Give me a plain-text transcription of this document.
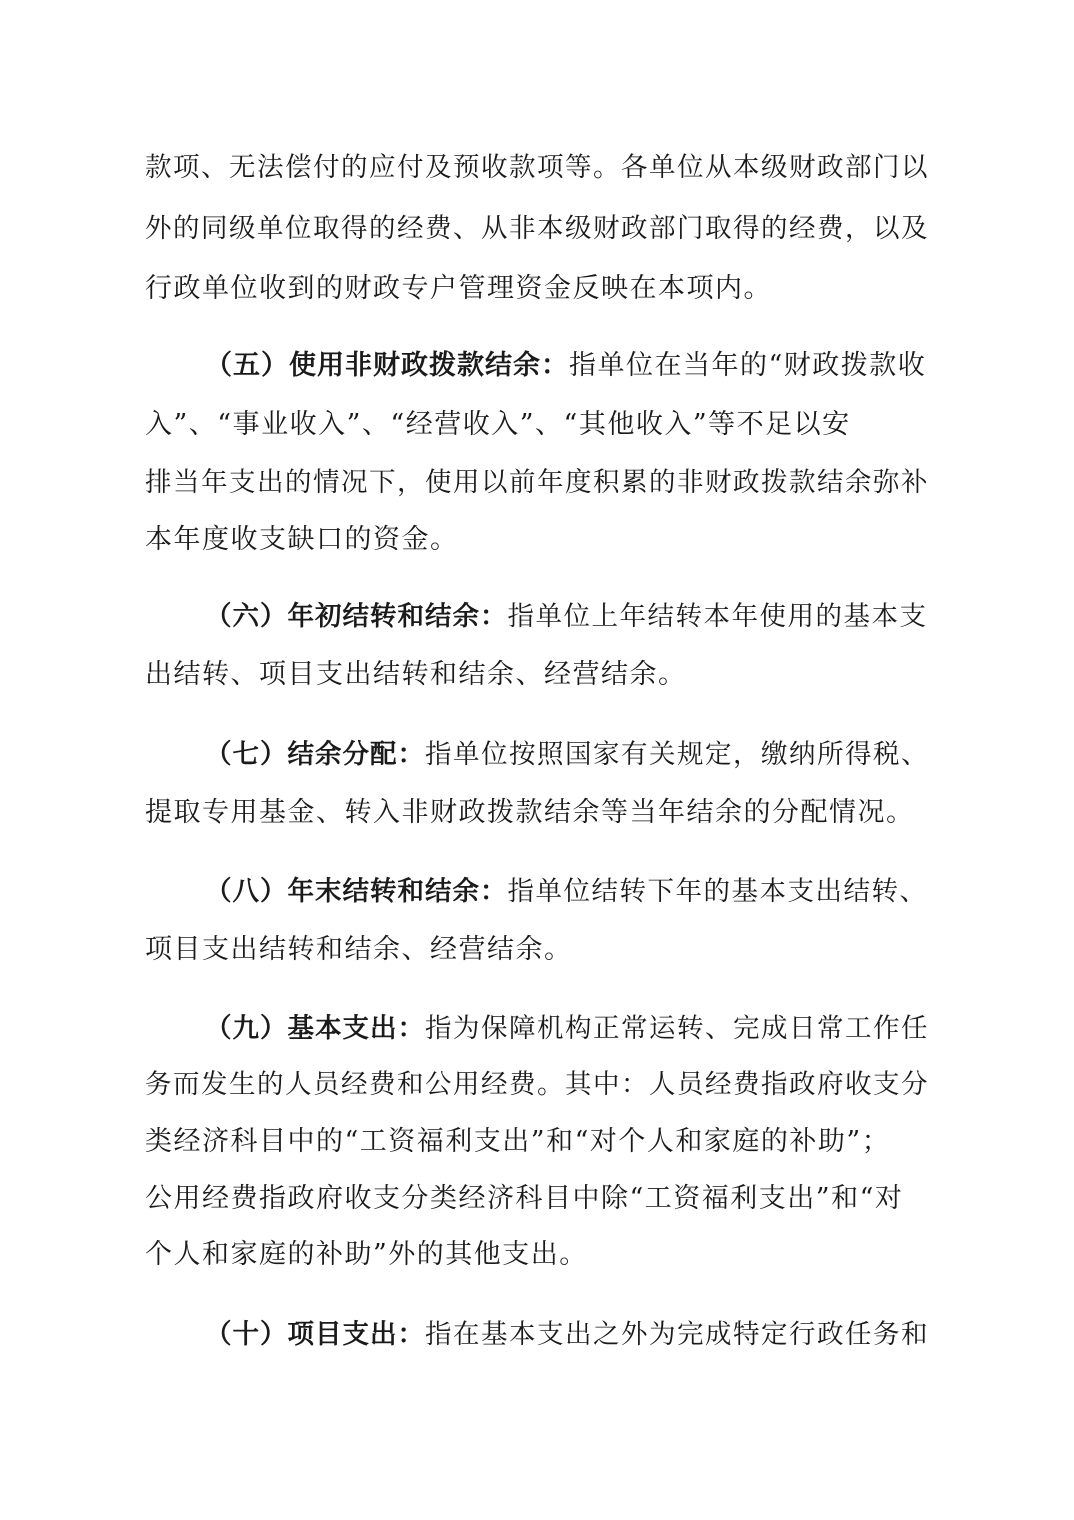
款项、无法偿付的应付及预收款项等。各单位从本级财政部门以
外的同级单位取得的经费、从非本级财政部门取得的经费，以及
行政单位收到的财政专户管理资金反映在本项内。
（五）使用非财政拨款结余：指单位在当年的“财政拨款收
入”、“事业收入”、“经营收入”、“其他收入”等不足以安
排当年支出的情况下，使用以前年度积累的非财政拨款结余弥补
本年度收支缺口的资金。
（六）年初结转和结余：指单位上年结转本年使用的基本支
出结转、项目支出结转和结余、经营结余。
（七）结余分配：指单位按照国家有关规定，缴纳所得税、
提取专用基金、转入非财政拨款结余等当年结余的分配情况。
（八）年末结转和结余：指单位结转下年的基本支出结转、
项目支出结转和结余、经营结余。
（九）基本支出：指为保障机构正常运转、完成日常工作任
务而发生的人员经费和公用经费。其中：人员经费指政府收支分
类经济科目中的“工资福利支出”和“对个人和家庭的补助”；
公用经费指政府收支分类经济科目中除“工资福利支出”和“对
个人和家庭的补助”外的其他支出。
（十）项目支出：指在基本支出之外为完成特定行政任务和
